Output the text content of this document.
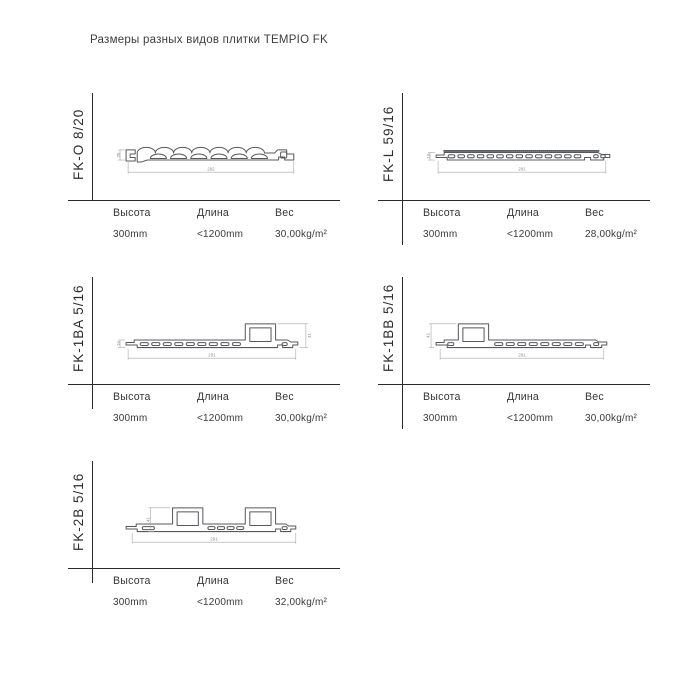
Размеры разных видов плитки TEMPIO FK
FK-O 8/20	292
20
Высота	Длина	Вес
300mm	<1200mm	30,00kg/m²
FK-L 59/16	291
16
Высота	Длина	Вес
300mm	<1200mm	28,00kg/m²
FK-1BA 5/16	291
16
41
Высота	Длина	Вес
300mm	<1200mm	30,00kg/m²
FK-1BB 5/16	291
41
Высота	Длина	Вес
300mm	<1200mm	30,00kg/m²
FK-2B 5/16	291
41
Высота	Длина	Вес
300mm	<1200mm	32,00kg/m²
